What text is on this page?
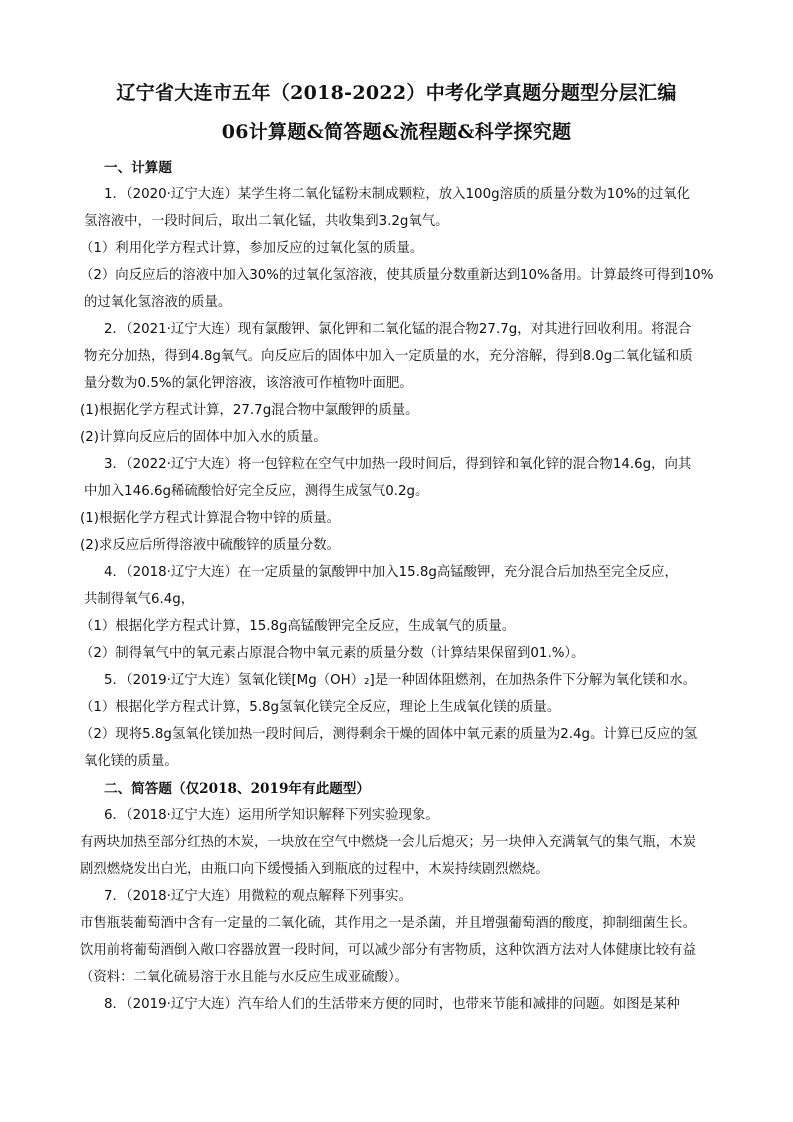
辽宁省大连市五年（2018-2022）中考化学真题分题型分层汇编
06计算题&简答题&流程题&科学探究题
一、计算题
1．（2020·辽宁大连）某学生将二氧化锰粉末制成颗粒，放入100g溶质的质量分数为10%的过氧化
氢溶液中，一段时间后，取出二氧化锰，共收集到3.2g氧气。
（1）利用化学方程式计算，参加反应的过氧化氢的质量。
（2）向反应后的溶液中加入30%的过氧化氢溶液，使其质量分数重新达到10%备用。计算最终可得到10%
的过氧化氢溶液的质量。
2．（2021·辽宁大连）现有氯酸钾、氯化钾和二氧化锰的混合物27.7g，对其进行回收利用。将混合
物充分加热，得到4.8g氧气。向反应后的固体中加入一定质量的水，充分溶解，得到8.0g二氧化锰和质
量分数为0.5%的氯化钾溶液，该溶液可作植物叶面肥。
(1)根据化学方程式计算，27.7g混合物中氯酸钾的质量。
(2)计算向反应后的固体中加入水的质量。
3．（2022·辽宁大连）将一包锌粒在空气中加热一段时间后，得到锌和氧化锌的混合物14.6g，向其
中加入146.6g稀硫酸恰好完全反应，测得生成氢气0.2g。
(1)根据化学方程式计算混合物中锌的质量。
(2)求反应后所得溶液中硫酸锌的质量分数。
4．（2018·辽宁大连）在一定质量的氯酸钾中加入15.8g高锰酸钾，充分混合后加热至完全反应，
共制得氧气6.4g，
（1）根据化学方程式计算，15.8g高锰酸钾完全反应，生成氧气的质量。
（2）制得氧气中的氧元素占原混合物中氧元素的质量分数（计算结果保留到01.%）。
5．（2019·辽宁大连）氢氧化镁[Mg（OH）₂]是一种固体阻燃剂，在加热条件下分解为氧化镁和水。
（1）根据化学方程式计算，5.8g氢氧化镁完全反应，理论上生成氧化镁的质量。
（2）现将5.8g氢氧化镁加热一段时间后，测得剩余干燥的固体中氧元素的质量为2.4g。计算已反应的氢
氧化镁的质量。
二、简答题（仅2018、2019年有此题型）
6．（2018·辽宁大连）运用所学知识解释下列实验现象。
有两块加热至部分红热的木炭，一块放在空气中燃烧一会儿后熄灭；另一块伸入充满氧气的集气瓶，木炭
剧烈燃烧发出白光，由瓶口向下缓慢插入到瓶底的过程中，木炭持续剧烈燃烧。
7．（2018·辽宁大连）用微粒的观点解释下列事实。
市售瓶装葡萄酒中含有一定量的二氧化硫，其作用之一是杀菌，并且增强葡萄酒的酸度，抑制细菌生长。
饮用前将葡萄酒倒入敞口容器放置一段时间，可以减少部分有害物质，这种饮酒方法对人体健康比较有益
（资料：二氧化硫易溶于水且能与水反应生成亚硫酸）。
8．（2019·辽宁大连）汽车给人们的生活带来方便的同时，也带来节能和减排的问题。如图是某种
